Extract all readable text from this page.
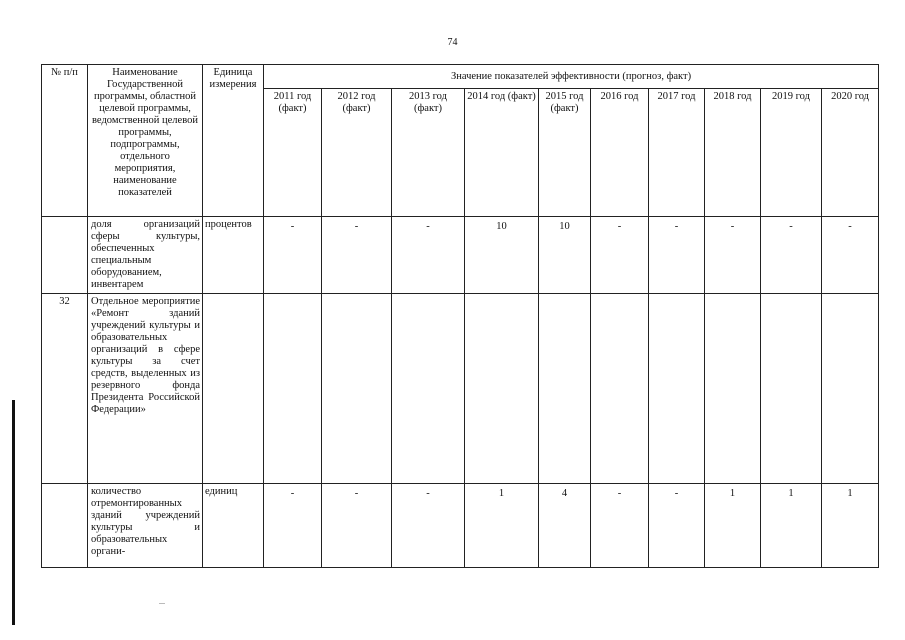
74
№ п/п	Наименование Государственной программы, областной целевой программы, ведомственной целевой программы, подпрограммы, отдельного мероприятия, наименование показателей	Единица измерения	Значение показателей эффективности (прогноз, факт)									
			2011 год (факт)	2012 год (факт)	2013 год (факт)	2014 год (факт)	2015 год (факт)	2016 год	2017 год	2018 год	2019 год	2020 год
	доля организаций сферы культуры, обеспеченных специальным оборудованием, инвентарем	процентов	-	-	-	10	10	-	-	-	-	-
32	Отдельное мероприятие «Ремонт зданий учреждений культуры и образовательных организаций в сфере культуры за счет средств, выделенных из резервного фонда Президента Российской Федерации»											
	количество отремонтированных зданий учреждений культуры и образовательных органи-	единиц	-	-	-	1	4	-	-	1	1	1
